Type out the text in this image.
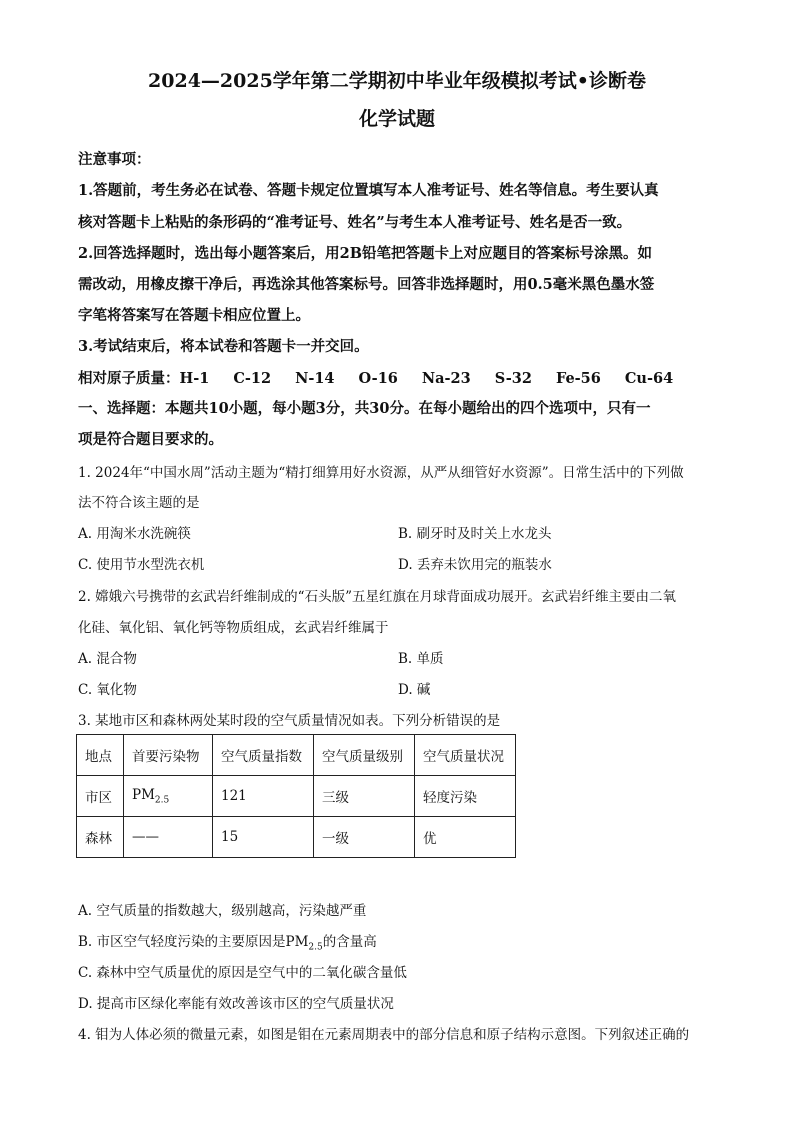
2024—2025学年第二学期初中毕业年级模拟考试•诊断卷
化学试题
注意事项：
1.答题前，考生务必在试卷、答题卡规定位置填写本人准考证号、姓名等信息。考生要认真
核对答题卡上粘贴的条形码的“准考证号、姓名”与考生本人准考证号、姓名是否一致。
2.回答选择题时，选出每小题答案后，用2B铅笔把答题卡上对应题目的答案标号涂黑。如
需改动，用橡皮擦干净后，再选涂其他答案标号。回答非选择题时，用0.5毫米黑色墨水签
字笔将答案写在答题卡相应位置上。
3.考试结束后，将本试卷和答题卡一并交回。
相对原子质量：H-1 C-12 N-14 O-16 Na-23 S-32 Fe-56 Cu-64
一、选择题：本题共10小题，每小题3分，共30分。在每小题给出的四个选项中，只有一
项是符合题目要求的。
1. 2024年“中国水周”活动主题为“精打细算用好水资源，从严从细管好水资源”。日常生活中的下列做
法不符合该主题的是
A. 用淘米水洗碗筷	B. 刷牙时及时关上水龙头
C. 使用节水型洗衣机	D. 丢弃未饮用完的瓶装水
2. 嫦娥六号携带的玄武岩纤维制成的“石头版”五星红旗在月球背面成功展开。玄武岩纤维主要由二氧
化硅、氧化铝、氧化钙等物质组成，玄武岩纤维属于
A. 混合物	B. 单质
C. 氧化物	D. 碱
3. 某地市区和森林两处某时段的空气质量情况如表。下列分析错误的是
地点	首要污染物	空气质量指数	空气质量级别	空气质量状况
市区	$PM_{2.5}$	121	三级	轻度污染
森林	——	15	一级	优
A. 空气质量的指数越大，级别越高，污染越严重
B. 市区空气轻度污染的主要原因是$PM_{2.5}$的含量高
C. 森林中空气质量优的原因是空气中的二氧化碳含量低
D. 提高市区绿化率能有效改善该市区的空气质量状况
4. 钼为人体必须的微量元素，如图是钼在元素周期表中的部分信息和原子结构示意图。下列叙述正确的
